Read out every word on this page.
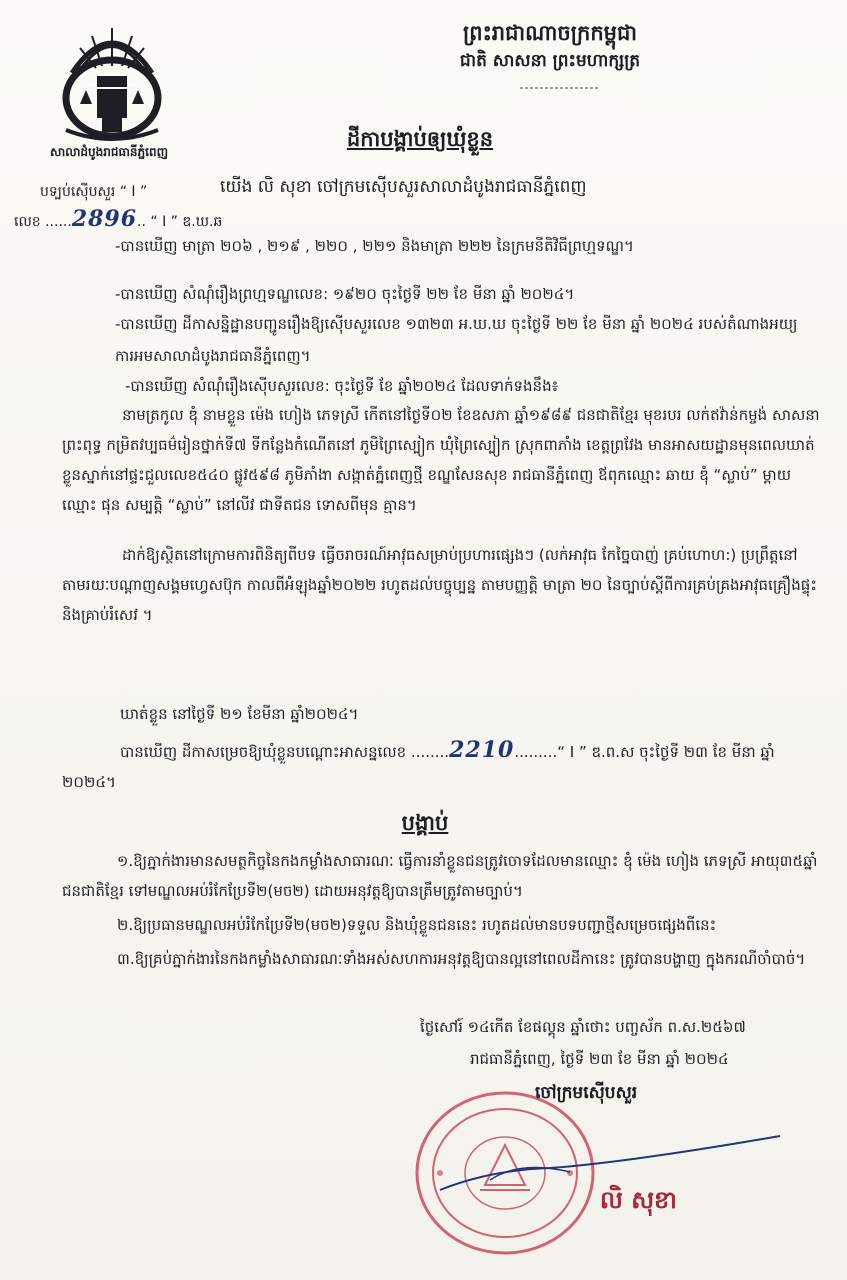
សាលាដំបូងរាជធានីភ្នំពេញ
ព្រះរាជាណាចក្រកម្ពុជា
ជាតិ សាសនា ព្រះមហាក្សត្រ
ដីកាបង្គាប់ឲ្យឃុំខ្លួន
បទ្បប់ស៊ើបសួរ “ I ”	យើង លិ សុខា ចៅក្រមស៊ើបសួរសាលាដំបូងរាជធានីភ្នំពេញ
លេខ ......2896.. “ I ” ឌ.ឃ.ឆ
-បានឃើញ មាត្រា ២០៦ , ២១៩ , ២២០ , ២២១ និងមាត្រា ២២២ នៃក្រមនីតិវិធីព្រហ្មទណ្ឌ។
-បានឃើញ សំណុំរឿងព្រហ្មទណ្ឌលេខ: ១៩២០ ចុះថ្ងៃទី ២២ ខែ មីនា ឆ្នាំ ២០២៤។
-បានឃើញ ដីកាសន្និដ្ឋានបញ្ជូនរឿងឱ្យស៊ើបសួរលេខ ១៣២៣ អ.ឃ.ឃ ចុះថ្ងៃទី ២២ ខែ មីនា ឆ្នាំ ២០២៤ របស់តំណាងអយ្យការអមសាលាដំបូងរាជធានីភ្នំពេញ។
-បានឃើញ សំណុំរឿងស៊ើបសួរលេខ: ចុះថ្ងៃទី ខែ ឆ្នាំ២០២៤ ដែលទាក់ទងនឹង៖
នាមត្រកូល ឌុំ នាមខ្លួន ម៉េង ហៀង ភេទស្រី កើតនៅថ្ងៃទី០២ ខែឧសភា ឆ្នាំ១៩៨៩ ជនជាតិខ្មែរ មុខរបរ លក់ឥវ៉ាន់កម្ចង់ សាសនាព្រះពុទ្ធ កម្រិតវប្បធម៌រៀនថ្នាក់ទី៧ ទីកន្លែងកំណើតនៅ ភូមិព្រៃស្បៀក ឃុំព្រៃស្បៀក ស្រុកពាភាំង ខេត្តព្រវែង មានអាសយដ្ឋានមុនពេលឃាត់ខ្លួនស្នាក់នៅផ្ទះជួលលេខ៥៤០ ផ្លូវ៥៩៨ ភូមិភាំងា សង្កាត់ភ្នំពេញថ្មី ខណ្ឌសែនសុខ រាជធានីភ្នំពេញ ឪពុកឈ្មោះ ឆាយ ឌុំ “ស្លាប់” ម្តាយឈ្មោះ ផុន សម្បត្តិ “ស្លាប់” នៅលីវ ជាទីតជន ទោសពីមុន គ្មាន។
ដាក់ឱ្យស្ថិតនៅក្រោមការពិនិត្យពីបទ ធ្វើចរាចរណ៍អាវុធសម្រាប់ប្រហារផ្សេងៗ (លក់អាវុធ កែច្នៃបាញ់ គ្រប់ហោហ:) ប្រព្រឹត្តនៅតាមរយៈបណ្តាញសង្គមហ្វេសប៊ុក កាលពីអំឡុងឆ្នាំ២០២២ រហូតដល់បច្ចុប្បន្ន តាមបញ្ញត្តិ មាត្រា ២០ នៃច្បាប់ស្តីពីការគ្រប់គ្រងអាវុធគ្រឿងផ្ទុះ និងគ្រាប់រំសេវ ។
ឃាត់ខ្លួន នៅថ្ងៃទី ២១ ខែមីនា ឆ្នាំ២០២៤។
បានឃើញ ដីកាសម្រេចឱ្យឃុំខ្លួនបណ្តោះអាសន្នលេខ ........2210.........“ I ” ឌ.ព.ស ចុះថ្ងៃទី ២៣ ខែ មីនា ឆ្នាំ ២០២៤។
បង្គាប់
១.ឱ្យភ្នាក់ងារមានសមត្ថកិច្ចនៃកងកម្លាំងសាធារណៈ ធ្វើការនាំខ្លួនជនត្រូវចោទដែលមានឈ្មោះ ឌុំ ម៉េង ហៀង ភេទស្រី អាយុ៣៥ឆ្នាំ ជនជាតិខ្មែរ ទៅមណ្ឌលអប់រំកែប្រែទី២(មច២) ដោយអនុវត្តឱ្យបានត្រឹមត្រូវតាមច្បាប់។
២.ឱ្យប្រធានមណ្ឌលអប់រំកែប្រែទី២(មច២)ទទួល និងឃុំខ្លួនជននេះ រហូតដល់មានបទបញ្ជាថ្មីសម្រេចផ្សេងពីនេះ
៣.ឱ្យគ្រប់ភ្នាក់ងារនៃកងកម្លាំងសាធារណៈទាំងអស់សហការអនុវត្តឱ្យបានល្អនៅពេលដីកានេះ ត្រូវបានបង្ហាញ ក្នុងករណីចាំបាច់។
ថ្ងៃសៅរ៍ ១៤កើត ខែផល្គុន ឆ្នាំថោះ បញ្ចស័ក ព.ស.២៥៦៧
រាជធានីភ្នំពេញ, ថ្ងៃទី ២៣ ខែ មីនា ឆ្នាំ ២០២៤
ចៅក្រមស៊ើបសួរ
លិ សុខា
